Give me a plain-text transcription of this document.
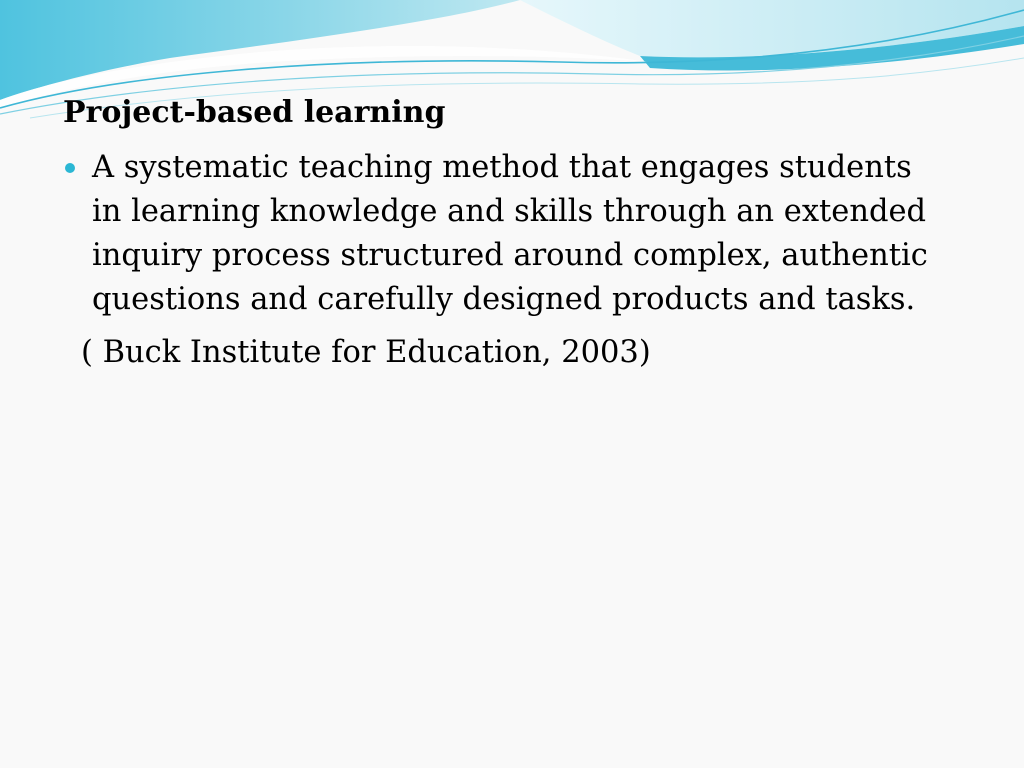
Project-based learning
A systematic teaching method that engages students
in learning knowledge and skills through an extended
inquiry process structured around complex, authentic
questions and carefully designed products and tasks.
( Buck Institute for Education, 2003)
